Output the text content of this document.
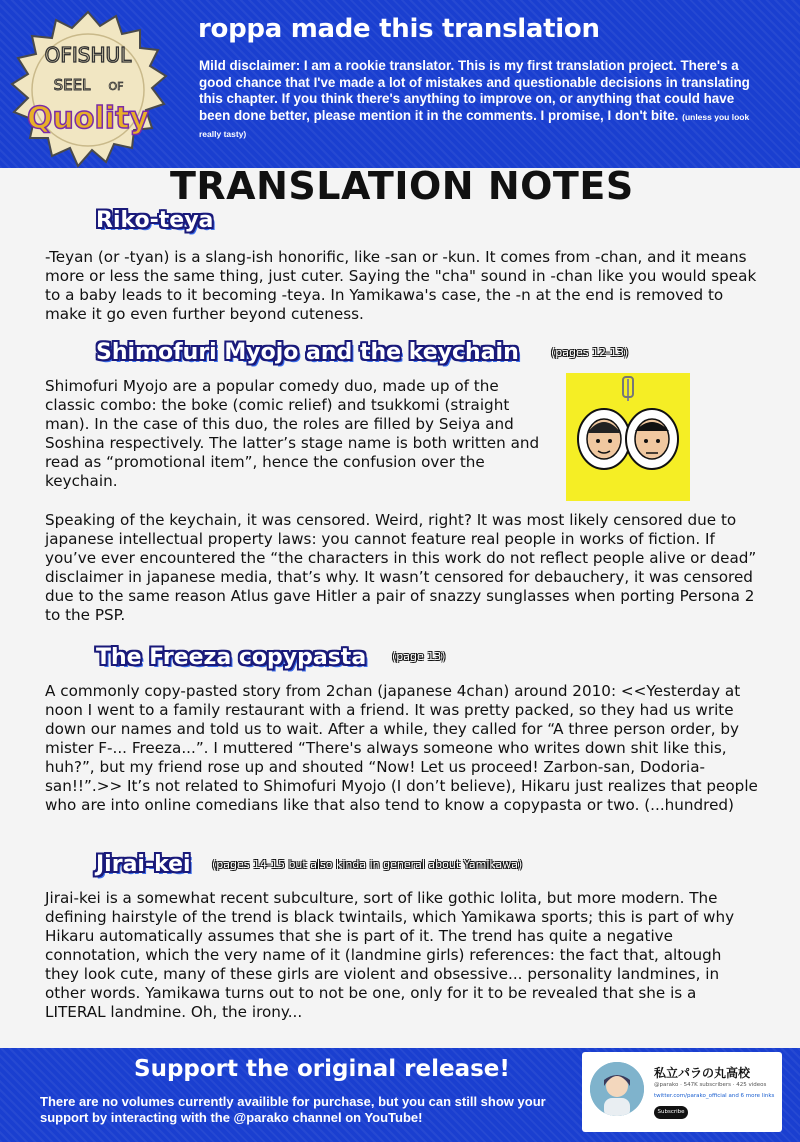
OFISHUL
SEEL OF
Quolity
roppa made this translation
Mild disclaimer: I am a rookie translator. This is my first translation project. There's a good chance that I've made a lot of mistakes and questionable decisions in translating this chapter. If you think there's anything to improve on, or anything that could have been done better, please mention it in the comments. I promise, I don't bite. (unless you look really tasty)
TRANSLATION NOTES
Riko-teya
-Teyan (or -tyan) is a slang-ish honorific, like -san or -kun. It comes from -chan, and it means more or less the same thing, just cuter. Saying the "cha" sound in -chan like you would speak to a baby leads to it becoming -teya. In Yamikawa's case, the -n at the end is removed to make it go even further beyond cuteness.
Shimofuri Myojo and the keychain	(pages 12-13)
Shimofuri Myojo are a popular comedy duo, made up of the classic combo: the boke (comic relief) and tsukkomi (straight man). In the case of this duo, the roles are filled by Seiya and Soshina respectively. The latter’s stage name is both written and read as “promotional item”, hence the confusion over the keychain.
Speaking of the keychain, it was censored. Weird, right? It was most likely censored due to japanese intellectual property laws: you cannot feature real people in works of fiction. If you’ve ever encountered the “the characters in this work do not reflect people alive or dead” disclaimer in japanese media, that’s why. It wasn’t censored for debauchery, it was censored due to the same reason Atlus gave Hitler a pair of snazzy sunglasses when porting Persona 2 to the PSP.
The Freeza copypasta (page 13)
A commonly copy-pasted story from 2chan (japanese 4chan) around 2010: <<Yesterday at noon I went to a family restaurant with a friend. It was pretty packed, so they had us write down our names and told us to wait. After a while, they called for “A three person order, by mister F-... Freeza...”. I muttered “There's always someone who writes down shit like this, huh?”, but my friend rose up and shouted “Now! Let us proceed! Zarbon-san, Dodoria-san!!”.>> It’s not related to Shimofuri Myojo (I don’t believe), Hikaru just realizes that people who are into online comedians like that also tend to know a copypasta or two. (...hundred)
Jirai-kei (pages 14-15 but also kinda in general about Yamikawa)
Jirai-kei is a somewhat recent subculture, sort of like gothic lolita, but more modern. The defining hairstyle of the trend is black twintails, which Yamikawa sports; this is part of why Hikaru automatically assumes that she is part of it. The trend has quite a negative connotation, which the very name of it (landmine girls) references: the fact that, altough they look cute, many of these girls are violent and obsessive... personality landmines, in other words. Yamikawa turns out to not be one, only for it to be revealed that she is a LITERAL landmine. Oh, the irony...
Support the original release!
There are no volumes currently availible for purchase, but you can still show your support by interacting with the @parako channel on YouTube!
私立パラの丸高校
@parako · 547K subscribers · 425 videos
twitter.com/parako_official and 6 more links
Subscribe
